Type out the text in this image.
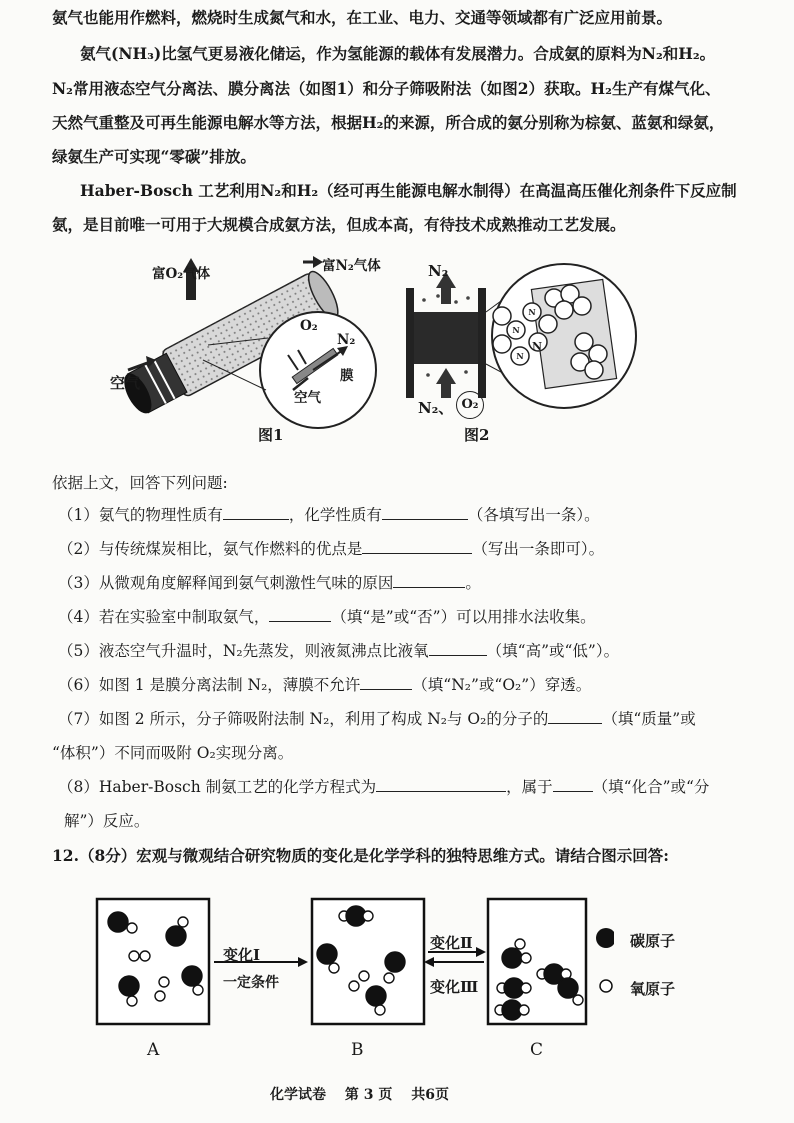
氨气也能用作燃料，燃烧时生成氮气和水，在工业、电力、交通等领域都有广泛应用前景。
氨气(NH₃)比氢气更易液化储运，作为氢能源的载体有发展潜力。合成氨的原料为N₂和H₂。
N₂常用液态空气分离法、膜分离法（如图1）和分子筛吸附法（如图2）获取。H₂生产有煤气化、
天然气重整及可再生能源电解水等方法，根据H₂的来源，所合成的氨分别称为棕氨、蓝氨和绿氨，
绿氨生产可实现“零碳”排放。
Haber-Bosch 工艺利用N₂和H₂（经可再生能源电解水制得）在高温高压催化剂条件下反应制
氨，是目前唯一可用于大规模合成氨方法，但成本高，有待技术成熟推动工艺发展。
富O₂气体	富N₂气体
空气
O₂
N₂
膜
空气
图1
N
N
N
N₂
N₂、 O₂
N
图2
依据上文，回答下列问题:
（1）氨气的物理性质有	，化学性质有	（各填写出一条）。
（2）与传统煤炭相比，氨气作燃料的优点是	（写出一条即可）。
（3）从微观角度解释闻到氨气刺激性气味的原因	。
（4）若在实验室中制取氨气，	（填“是”或“否”）可以用排水法收集。
（5）液态空气升温时，N₂先蒸发，则液氮沸点比液氧	（填“高”或“低”）。
（6）如图 1 是膜分离法制 N₂，薄膜不允许	（填“N₂”或“O₂”）穿透。
（7）如图 2 所示，分子筛吸附法制 N₂，利用了构成 N₂与 O₂的分子的	（填“质量”或
“体积”）不同而吸附 O₂实现分离。
（8）Haber-Bosch 制氨工艺的化学方程式为	，属于	（填“化合”或“分
解”）反应。
12.（8分）宏观与微观结合研究物质的变化是化学学科的独特思维方式。请结合图示回答:
变化Ⅰ
一定条件
变化Ⅱ
变化Ⅲ
碳原子
氧原子
A	B	C
化学试卷 第 3 页 共6页
